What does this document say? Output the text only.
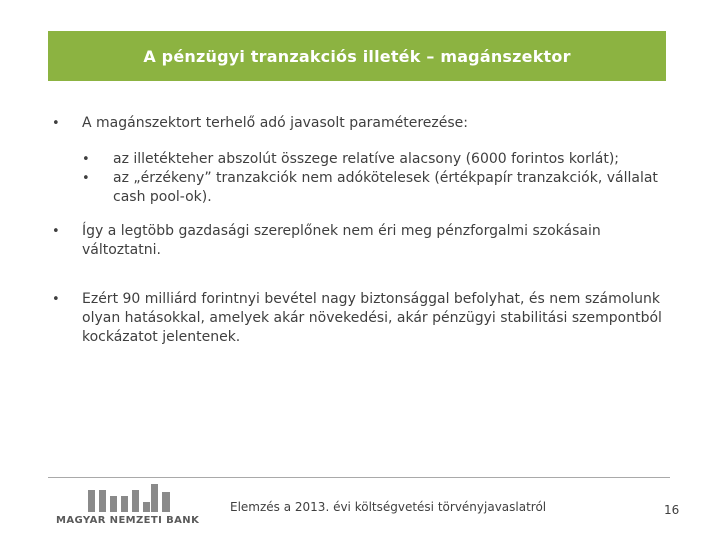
A pénzügyi tranzakciós illeték – magánszektor
• A magánszektort terhelő adó javasolt paraméterezése:
• az illetékteher abszolút összege relatíve alacsony (6000 forintos korlát);
• az „érzékeny” tranzakciók nem adókötelesek (értékpapír tranzakciók, vállalat cash pool-ok).
• Így a legtöbb gazdasági szereplőnek nem éri meg pénzforgalmi szokásain változtatni.
• Ezért 90 milliárd forintnyi bevétel nagy biztonsággal befolyhat, és nem számolunk olyan hatásokkal, amelyek akár növekedési, akár pénzügyi stabilitási szempontból kockázatot jelentenek.
MAGYAR NEMZETI BANK
Elemzés a 2013. évi költségvetési törvényjavaslatról	16
